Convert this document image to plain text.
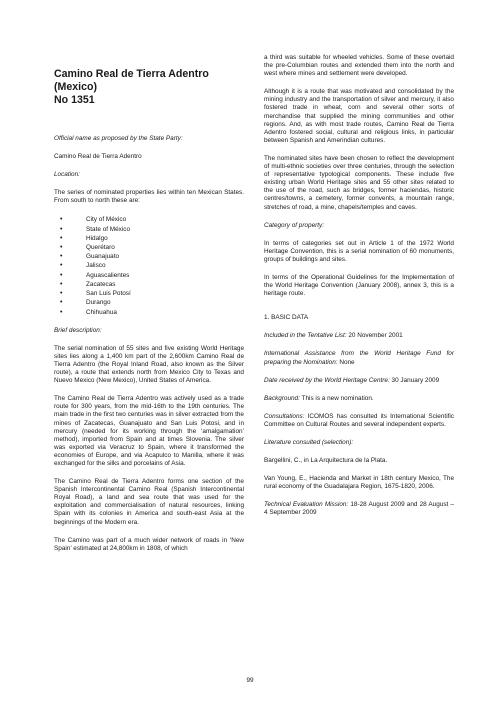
Camino Real de Tierra Adentro
(Mexico)
No 1351
Official name as proposed by the State Party:
Camino Real de Tierra Adentro
Location:
The series of nominated properties lies within ten Mexican States. From south to north these are:
• City of México
• State of México
• Hidalgo
• Querétaro
• Guanajuato
• Jalisco
• Aguascalientes
• Zacatecas
• San Luis Potosí
• Durango
• Chihuahua
Brief description:
The serial nomination of 55 sites and five existing World Heritage sites lies along a 1,400 km part of the 2,600km Camino Real de Tierra Adentro (the Royal Inland Road, also known as the Silver route), a route that extends north from Mexico City to Texas and Nuevo Mexico (New Mexico), United States of America.
The Camino Real de Tierra Adentro was actively used as a trade route for 300 years, from the mid-16th to the 19th centuries. The main trade in the first two centuries was in silver extracted from the mines of Zacatecas, Guanajuato and San Luis Potosi, and in mercury (needed for its working through the ‘amalgamation’ method), imported from Spain and at times Slovenia. The silver was exported via Veracruz to Spain, where it transformed the economies of Europe, and via Acapulco to Manilla, where it was exchanged for the silks and porcelains of Asia.
The Camino Real de Tierra Adentro forms one section of the Spanish Intercontinental Camino Real (Spanish Intercontinental Royal Road), a land and sea route that was used for the exploitation and commercialisation of natural resources, linking Spain with its colonies in America and south-east Asia at the beginnings of the Modern era.
The Camino was part of a much wider network of roads in ‘New Spain’ estimated at 24,800km in 1808, of which
a third was suitable for wheeled vehicles. Some of these overlaid the pre-Columbian routes and extended them into the north and west where mines and settlement were developed.
Although it is a route that was motivated and consolidated by the mining industry and the transportation of silver and mercury, it also fostered trade in wheat, corn and several other sorts of merchandise that supplied the mining communities and other regions. And, as with most trade routes, Camino Real de Tierra Adentro fostered social, cultural and religious links, in particular between Spanish and Amerindian cultures.
The nominated sites have been chosen to reflect the development of multi-ethnic societies over three centuries, through the selection of representative typological components. These include five existing urban World Heritage sites and 55 other sites related to the use of the road, such as bridges, former haciendas, historic centres/towns, a cemetery, former convents, a mountain range, stretches of road, a mine, chapels/temples and caves.
Category of property:
In terms of categories set out in Article 1 of the 1972 World Heritage Convention, this is a serial nomination of 60 monuments, groups of buildings and sites.
In terms of the Operational Guidelines for the Implementation of the World Heritage Convention (January 2008), annex 3, this is a heritage route.
1. BASIC DATA
Included in the Tentative List: 20 November 2001
International Assistance from the World Heritage Fund for preparing the Nomination: None
Date received by the World Heritage Centre: 30 January 2009
Background: This is a new nomination.
Consultations: ICOMOS has consulted its International Scientific Committee on Cultural Routes and several independent experts.
Literature consulted (selection):
Bargellini, C., in La Arquitectura de la Plata.
Van Young, E., Hacienda and Market in 18th century Mexico, The rural economy of the Guadalajara Region, 1675-1820, 2006.
Technical Evaluation Mission: 18-28 August 2009 and 28 August – 4 September 2009
99
